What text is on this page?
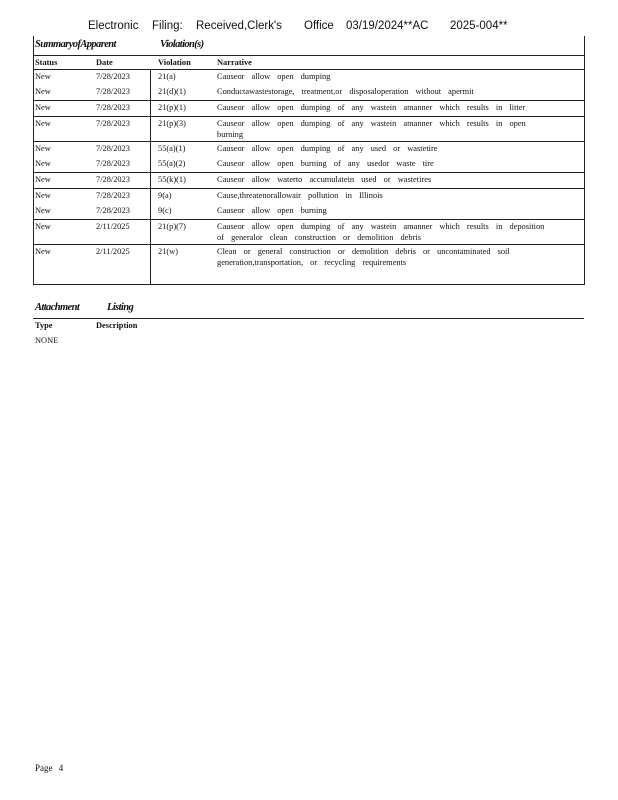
Electronic Filing: Received,Clerk's Office 03/19/2024**AC 2025-004**
SummaryofApparent	Violation(s)
Status	Date	Violation	Narrative
New	7/28/2023	21(a)	Causeor allow open dumping
New	7/28/2023	21(d)(1)	Conductawastestorage, treatment,or disposaloperation without apermit
New	7/28/2023	21(p)(1)	Causeor allow open dumping of any wastein amanner which results in litter
New	7/28/2023	21(p)(3)	Causeor allow open dumping of any wastein amanner which results in open burning
New	7/28/2023	55(a)(1)	Causeor allow open dumping of any used or wastetire
New	7/28/2023	55(a)(2)	Causeor allow open burning of any usedor waste tire
New	7/28/2023	55(k)(1)	Causeor allow waterto accumulatein used or wastetires
New	7/28/2023	9(a)	Cause,threatenorallowair pollution in Illinois
New	7/28/2023	9(c)	Causeor allow open burning
New	2/11/2025	21(p)(7)	Causeor allow open dumping of any wastein amanner which results in deposition of generalor clean construction or demolition debris
New	2/11/2025	21(w)	Clean or general construction or demolition debris or uncontaminated soil generation,transportation, or recycling requirements
Attachment	Listing
Type	Description
NONE
Page 4
